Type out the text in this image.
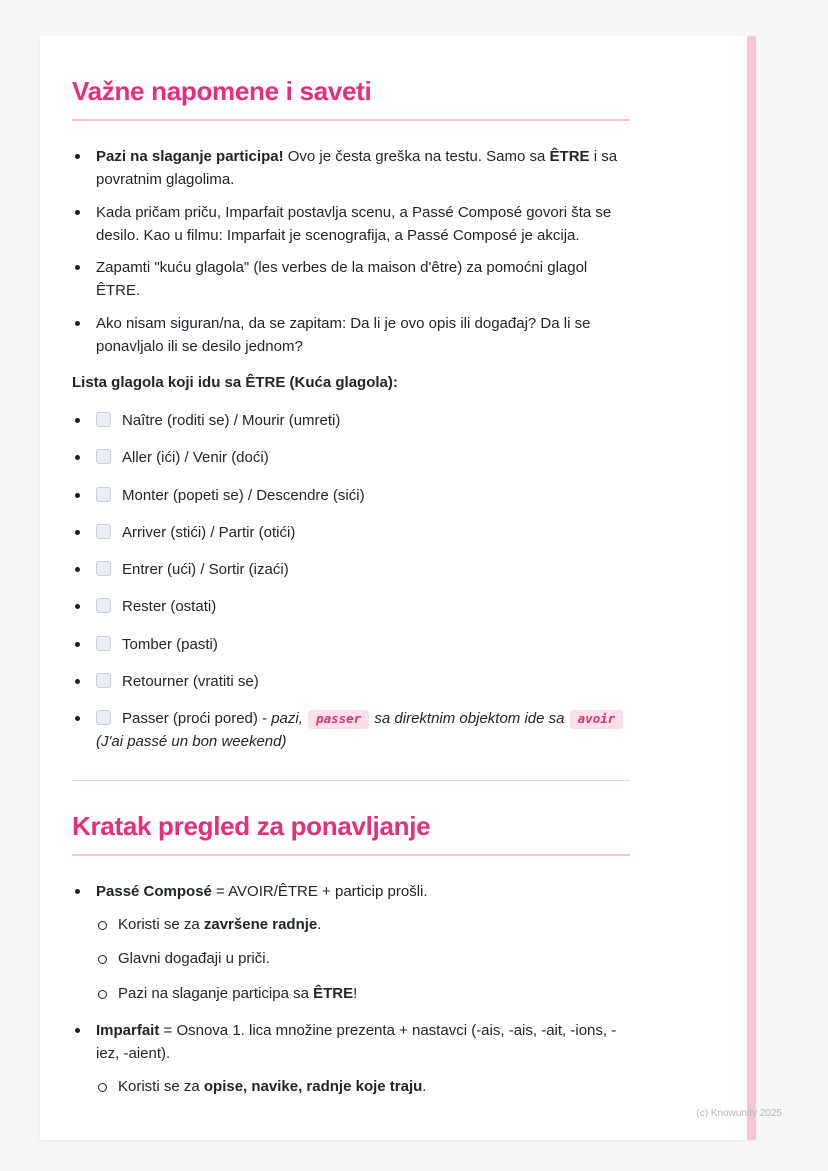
Važne napomene i saveti
Pazi na slaganje participa! Ovo je česta greška na testu. Samo sa ÊTRE i sa povratnim glagolima.
Kada pričam priču, Imparfait postavlja scenu, a Passé Composé govori šta se desilo. Kao u filmu: Imparfait je scenografija, a Passé Composé je akcija.
Zapamti "kuću glagola" (les verbes de la maison d'être) za pomoćni glagol ÊTRE.
Ako nisam siguran/na, da se zapitam: Da li je ovo opis ili događaj? Da li se ponavljalo ili se desilo jednom?

Lista glagola koji idu sa ÊTRE (Kuća glagola):

Naître (roditi se) / Mourir (umreti)
Aller (ići) / Venir (doći)
Monter (popeti se) / Descendre (sići)
Arriver (stići) / Partir (otići)
Entrer (ući) / Sortir (izaći)
Rester (ostati)
Tomber (pasti)
Retourner (vratiti se)
Passer (proći pored) - pazi, passer sa direktnim objektom ide sa avoir (J'ai passé un bon weekend)
Kratak pregled za ponavljanje
Passé Composé = AVOIR/ÊTRE + particip prošli.
Koristi se za završene radnje.
Glavni događaji u priči.
Pazi na slaganje participa sa ÊTRE!
Imparfait = Osnova 1. lica množine prezenta + nastavci (-ais, -ais, -ait, -ions, -iez, -aient).
Koristi se za opise, navike, radnje koje traju.
(c) Knowunity 2025
